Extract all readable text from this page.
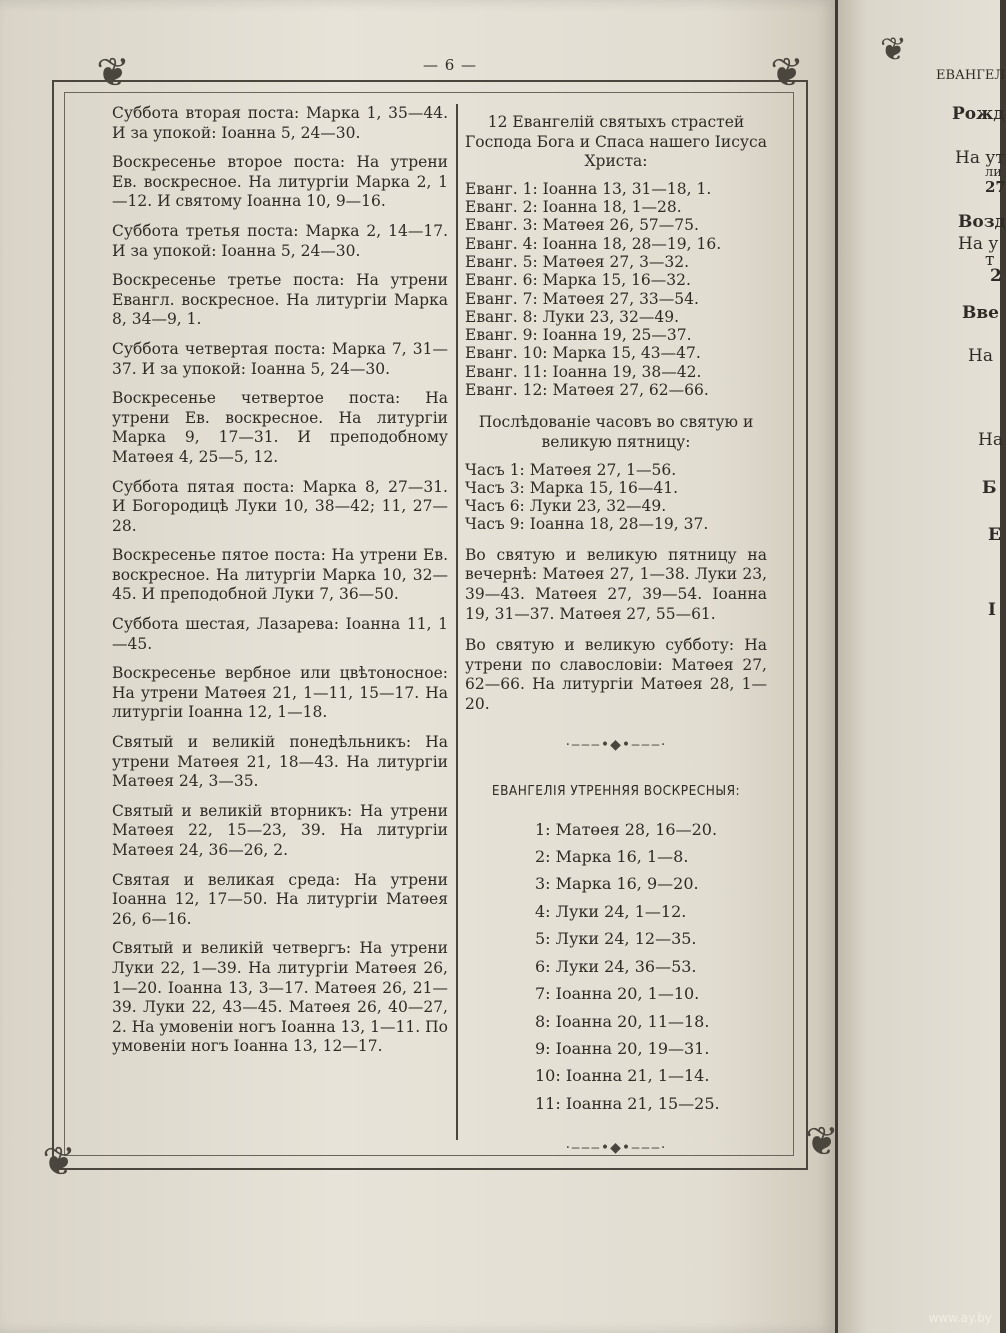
❦	❦
❦	❦
— 6 —
Суббота вторая поста: Марка 1, 35—44. И за упокой: Іоанна 5, 24—30.
Воскресенье второе поста: На утрени Ев. воскресное. На литургіи Марка 2, 1—12. И святому Іоанна 10, 9—16.
Суббота третья поста: Марка 2, 14—17. И за упокой: Іоанна 5, 24—30.
Воскресенье третье поста: На утрени Евангл. воскресное. На литургіи Марка 8, 34—9, 1.
Суббота четвертая поста: Марка 7, 31—37. И за упокой: Іоанна 5, 24—30.
Воскресенье четвертое поста: На утрени Ев. воскресное. На литургіи Марка 9, 17—31. И преподобному Матөея 4, 25—5, 12.
Суббота пятая поста: Марка 8, 27—31. И Богородицѣ Луки 10, 38—42; 11, 27—28.
Воскресенье пятое поста: На утрени Ев. воскресное. На литургіи Марка 10, 32—45. И преподобной Луки 7, 36—50.
Суббота шестая, Лазарева: Іоанна 11, 1—45.
Воскресенье вербное или цвѣтоносное: На утрени Матөея 21, 1—11, 15—17. На литургіи Іоанна 12, 1—18.
Святый и великій понедѣльникъ: На утрени Матөея 21, 18—43. На литургіи Матөея 24, 3—35.
Святый и великій вторникъ: На утрени Матөея 22, 15—23, 39. На литургіи Матөея 24, 36—26, 2.
Святая и великая среда: На утрени Іоанна 12, 17—50. На литургіи Матөея 26, 6—16.
Святый и великій четвергъ: На утрени Луки 22, 1—39. На литургіи Матөея 26, 1—20. Іоанна 13, 3—17. Матөея 26, 21—39. Луки 22, 43—45. Матөея 26, 40—27, 2. На умовеніи ногъ Іоанна 13, 1—11. По умовеніи ногъ Іоанна 13, 12—17.
12 Евангелій святыхъ страстей Господа Бога и Спаса нашего Іисуса Христа:
Еванг. 1: Іоанна 13, 31—18, 1.
Еванг. 2: Іоанна 18, 1—28.
Еванг. 3: Матөея 26, 57—75.
Еванг. 4: Іоанна 18, 28—19, 16.
Еванг. 5: Матөея 27, 3—32.
Еванг. 6: Марка 15, 16—32.
Еванг. 7: Матөея 27, 33—54.
Еванг. 8: Луки 23, 32—49.
Еванг. 9: Іоанна 19, 25—37.
Еванг. 10: Марка 15, 43—47.
Еванг. 11: Іоанна 19, 38—42.
Еванг. 12: Матөея 27, 62—66.
Послѣдованіе часовъ во святую и великую пятницу:
Часъ 1: Матөея 27, 1—56.
Часъ 3: Марка 15, 16—41.
Часъ 6: Луки 23, 32—49.
Часъ 9: Іоанна 18, 28—19, 37.
Во святую и великую пятницу на вечернѣ: Матөея 27, 1—38. Луки 23, 39—43. Матөея 27, 39—54. Іоанна 19, 31—37. Матөея 27, 55—61.
Во святую и великую субботу: На утрени по славословіи: Матөея 27, 62—66. На литургіи Матөея 28, 1—20.
·‒‒‒•◆•‒‒‒·
ЕВАНГЕЛІЯ УТРЕННЯЯ ВОСКРЕСНЫЯ:
1: Матөея 28, 16—20.
2: Марка 16, 1—8.
3: Марка 16, 9—20.
4: Луки 24, 1—12.
5: Луки 24, 12—35.
6: Луки 24, 36—53.
7: Іоанна 20, 1—10.
8: Іоанна 20, 11—18.
9: Іоанна 20, 19—31.
10: Іоанна 21, 1—14.
11: Іоанна 21, 15—25.
·‒‒‒•◆•‒‒‒·
❦
ЕВАНГЕЛ
Рожд
На ут
ли
27
Возд
На у
т
2
Вве
На
На
Б
Е
І
www.ay.by
